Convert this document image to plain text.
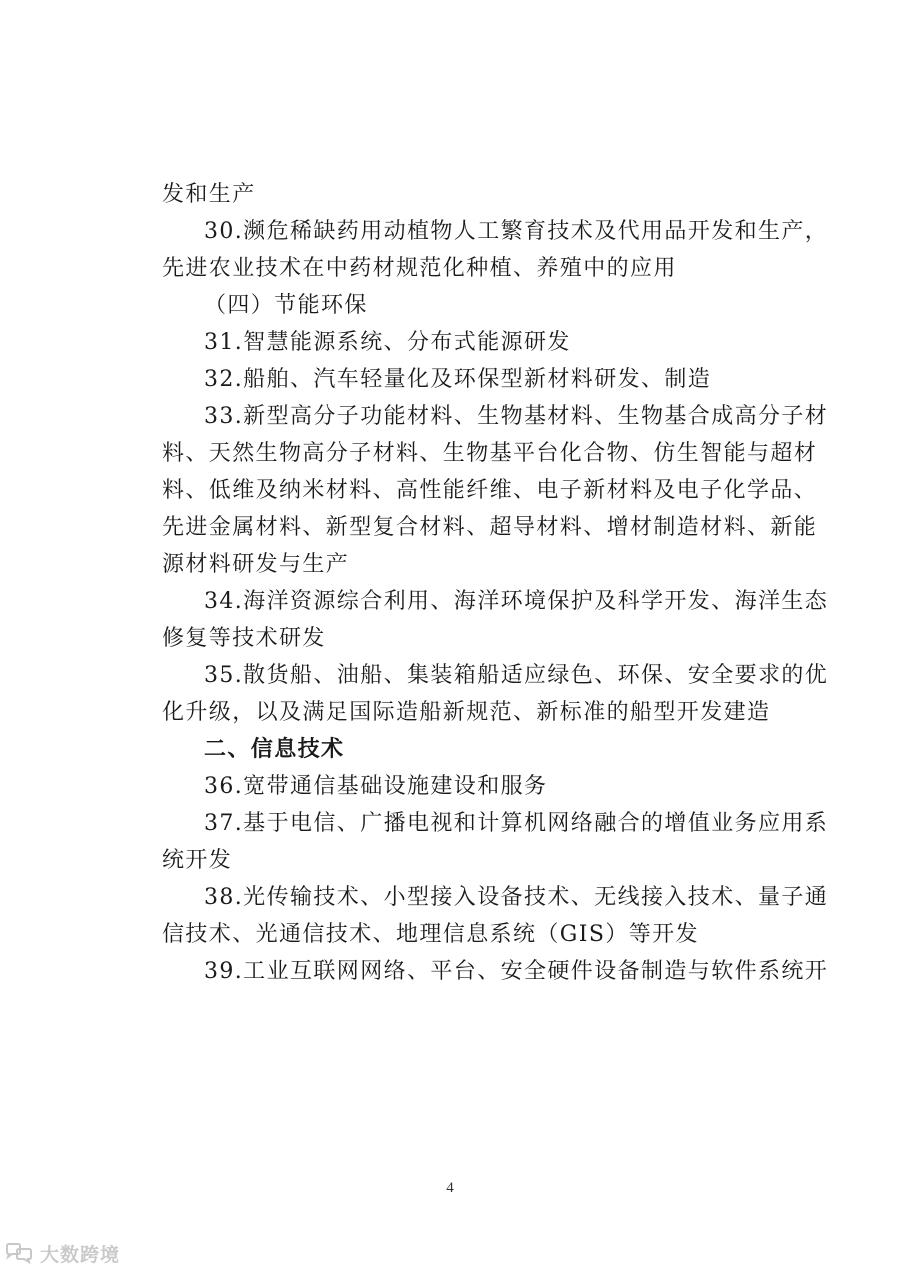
发和生产

30.濒危稀缺药用动植物人工繁育技术及代用品开发和生产，

先进农业技术在中药材规范化种植、养殖中的应用

（四）节能环保

31.智慧能源系统、分布式能源研发

32.船舶、汽车轻量化及环保型新材料研发、制造

33.新型高分子功能材料、生物基材料、生物基合成高分子材

料、天然生物高分子材料、生物基平台化合物、仿生智能与超材

料、低维及纳米材料、高性能纤维、电子新材料及电子化学品、

先进金属材料、新型复合材料、超导材料、增材制造材料、新能

源材料研发与生产

34.海洋资源综合利用、海洋环境保护及科学开发、海洋生态

修复等技术研发

35.散货船、油船、集装箱船适应绿色、环保、安全要求的优

化升级，以及满足国际造船新规范、新标准的船型开发建造

二、信息技术

36.宽带通信基础设施建设和服务

37.基于电信、广播电视和计算机网络融合的增值业务应用系

统开发

38.光传输技术、小型接入设备技术、无线接入技术、量子通

信技术、光通信技术、地理信息系统（GIS）等开发

39.工业互联网网络、平台、安全硬件设备制造与软件系统开

4
大数跨境
